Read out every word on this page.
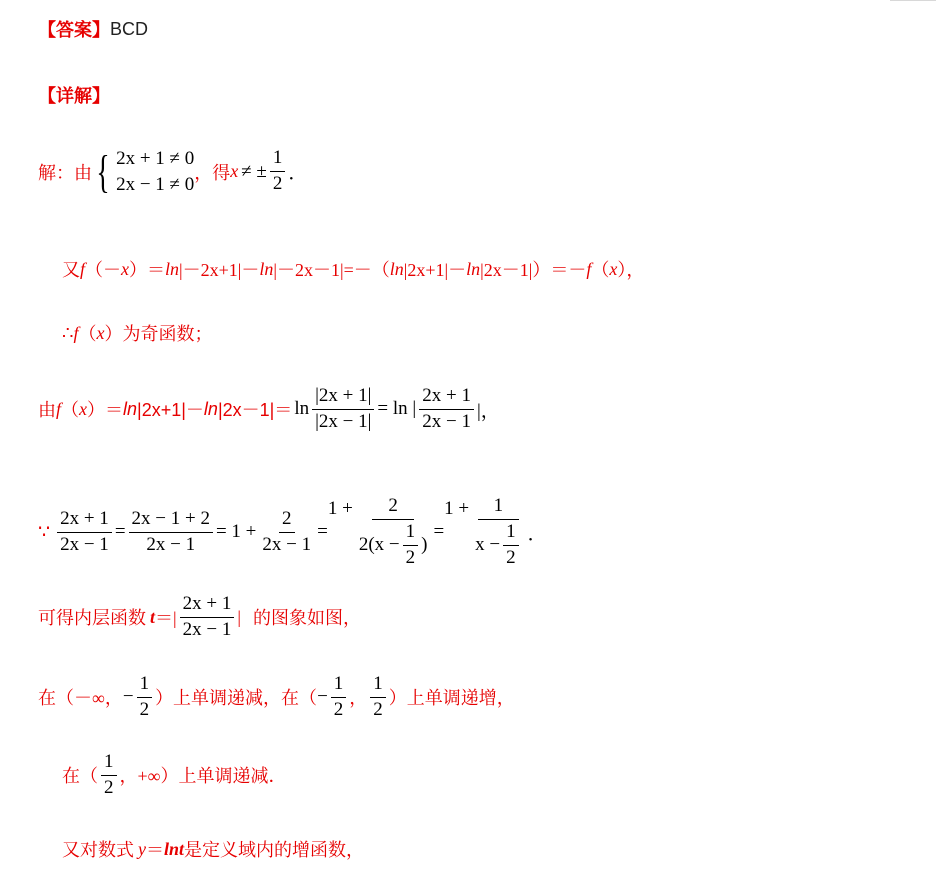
【答案】 BCD
【详解】
解：由 { 2x + 1 ≠ 0
2x − 1 ≠ 0
，得 x ≠ ± $\frac{1}{2}$ ．
又 f （－ x ）＝ ln |－2x+1|－ ln |－2x－1|=－（ ln |2x+1|－ ln |2x－1|）＝－ f （ x ），
∴ f （ x ）为奇函数；
由 f （ x ）＝ $\ln |2x+1|- \ln |2x-1|= \ln \frac{|2x + 1|}{|2x - 1|} = \ln$ | $\frac{2x + 1}{2x - 1}$ |，
∵ $\frac{2x + 1}{2x - 1} = \frac{2x - 1 + 2}{2x - 1} = 1 + \frac{2}{2x - 1}$ =
$1 + \frac{2}{2(x - \frac{1}{2} )}$ =
$1 + \frac{1}{x - \frac{1}{2}}$ ．
可得内层函数 t ＝| $\frac{2x + 1}{2x - 1}$ | 的图象如图，
在（－∞， − $\frac{1}{2}$ ）上单调递减，在（ − $\frac{1}{2}$ ， $\frac{1}{2}$ ）上单调递增，
在（ $\frac{1}{2}$ ，+∞）上单调递减．
又对数式 y ＝ lnt 是定义域内的增函数，
